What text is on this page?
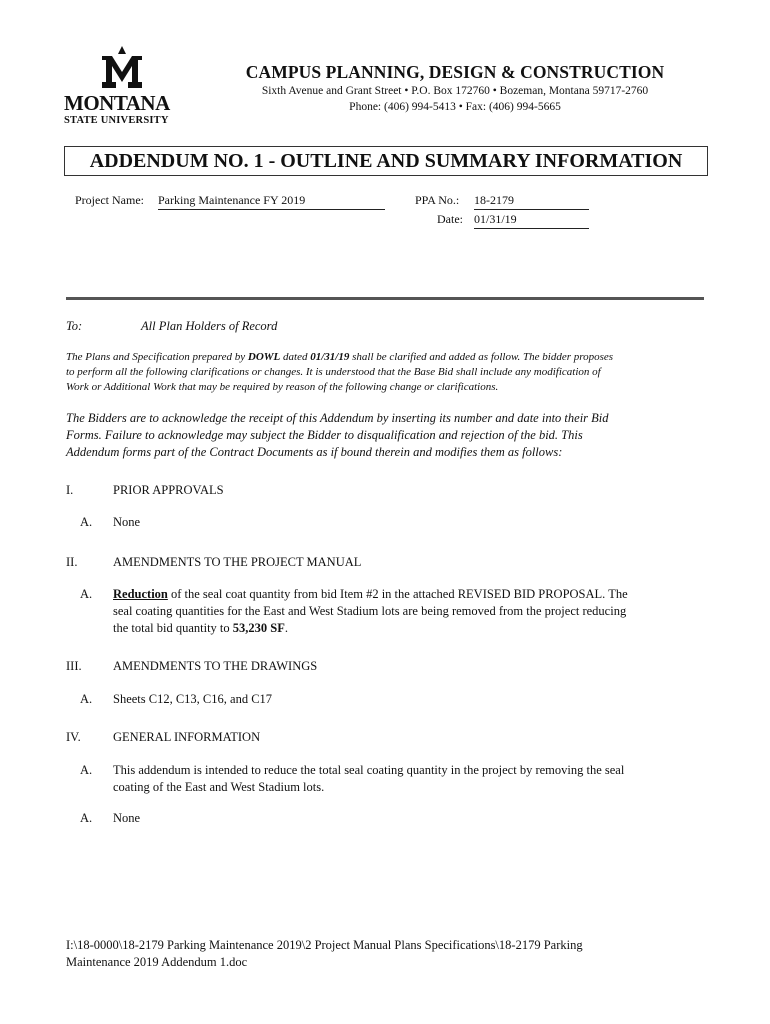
MONTANA
STATE UNIVERSITY
CAMPUS PLANNING, DESIGN & CONSTRUCTION
Sixth Avenue and Grant Street • P.O. Box 172760 • Bozeman, Montana 59717-2760
Phone: (406) 994-5413 • Fax: (406) 994-5665
ADDENDUM NO. 1 - OUTLINE AND SUMMARY INFORMATION
Project Name: Parking Maintenance FY 2019	PPA No.: 18-2179
Date: 01/31/19
To:	All Plan Holders of Record
The Plans and Specification prepared by DOWL dated 01/31/19 shall be clarified and added as follow. The bidder proposes
to perform all the following clarifications or changes. It is understood that the Base Bid shall include any modification of
Work or Additional Work that may be required by reason of the following change or clarifications.
The Bidders are to acknowledge the receipt of this Addendum by inserting its number and date into their Bid
Forms. Failure to acknowledge may subject the Bidder to disqualification and rejection of the bid. This
Addendum forms part of the Contract Documents as if bound therein and modifies them as follows:
I.	PRIOR APPROVALS
A. None
II.	AMENDMENTS TO THE PROJECT MANUAL
A. Reduction of the seal coat quantity from bid Item #2 in the attached REVISED BID PROPOSAL. The
seal coating quantities for the East and West Stadium lots are being removed from the project reducing
the total bid quantity to 53,230 SF.
III.	AMENDMENTS TO THE DRAWINGS
A. Sheets C12, C13, C16, and C17
IV.	GENERAL INFORMATION
A. This addendum is intended to reduce the total seal coating quantity in the project by removing the seal
coating of the East and West Stadium lots.
A. None
I:\18-0000\18-2179 Parking Maintenance 2019\2 Project Manual Plans Specifications\18-2179 Parking
Maintenance 2019 Addendum 1.doc
